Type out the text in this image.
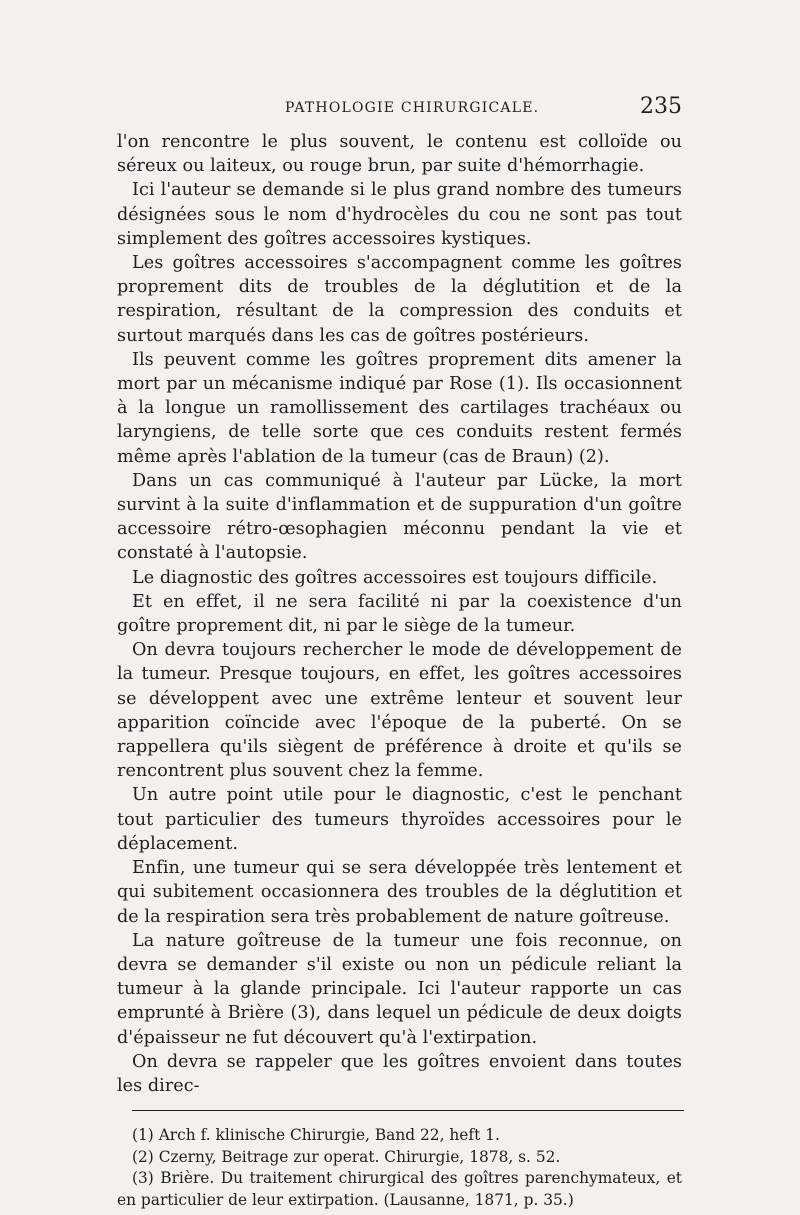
PATHOLOGIE CHIRURGICALE.	235

l'on rencontre le plus souvent, le contenu est colloïde ou séreux ou laiteux, ou rouge brun, par suite d'hémorrhagie.

Ici l'auteur se demande si le plus grand nombre des tumeurs désignées sous le nom d'hydrocèles du cou ne sont pas tout simplement des goîtres accessoires kystiques.

Les goîtres accessoires s'accompagnent comme les goîtres proprement dits de troubles de la déglutition et de la respiration, résultant de la compression des conduits et surtout marqués dans les cas de goîtres postérieurs.

Ils peuvent comme les goîtres proprement dits amener la mort par un mécanisme indiqué par Rose (1). Ils occasionnent à la longue un ramollissement des cartilages trachéaux ou laryngiens, de telle sorte que ces conduits restent fermés même après l'ablation de la tumeur (cas de Braun) (2).

Dans un cas communiqué à l'auteur par Lücke, la mort survint à la suite d'inflammation et de suppuration d'un goître accessoire rétro-œsophagien méconnu pendant la vie et constaté à l'autopsie.

Le diagnostic des goîtres accessoires est toujours difficile.

Et en effet, il ne sera facilité ni par la coexistence d'un goître proprement dit, ni par le siège de la tumeur.

On devra toujours rechercher le mode de développement de la tumeur. Presque toujours, en effet, les goîtres accessoires se développent avec une extrême lenteur et souvent leur apparition coïncide avec l'époque de la puberté. On se rappellera qu'ils siègent de préférence à droite et qu'ils se rencontrent plus souvent chez la femme.

Un autre point utile pour le diagnostic, c'est le penchant tout particulier des tumeurs thyroïdes accessoires pour le déplacement.

Enfin, une tumeur qui se sera développée très lentement et qui subitement occasionnera des troubles de la déglutition et de la respiration sera très probablement de nature goîtreuse.

La nature goîtreuse de la tumeur une fois reconnue, on devra se demander s'il existe ou non un pédicule reliant la tumeur à la glande principale. Ici l'auteur rapporte un cas emprunté à Brière (3), dans lequel un pédicule de deux doigts d'épaisseur ne fut découvert qu'à l'extirpation.

On devra se rappeler que les goîtres envoient dans toutes les direc-

(1) Arch f. klinische Chirurgie, Band 22, heft 1.

(2) Czerny, Beitrage zur operat. Chirurgie, 1878, s. 52.

(3) Brière. Du traitement chirurgical des goîtres parenchymateux, et en particulier de leur extirpation. (Lausanne, 1871, p. 35.)
